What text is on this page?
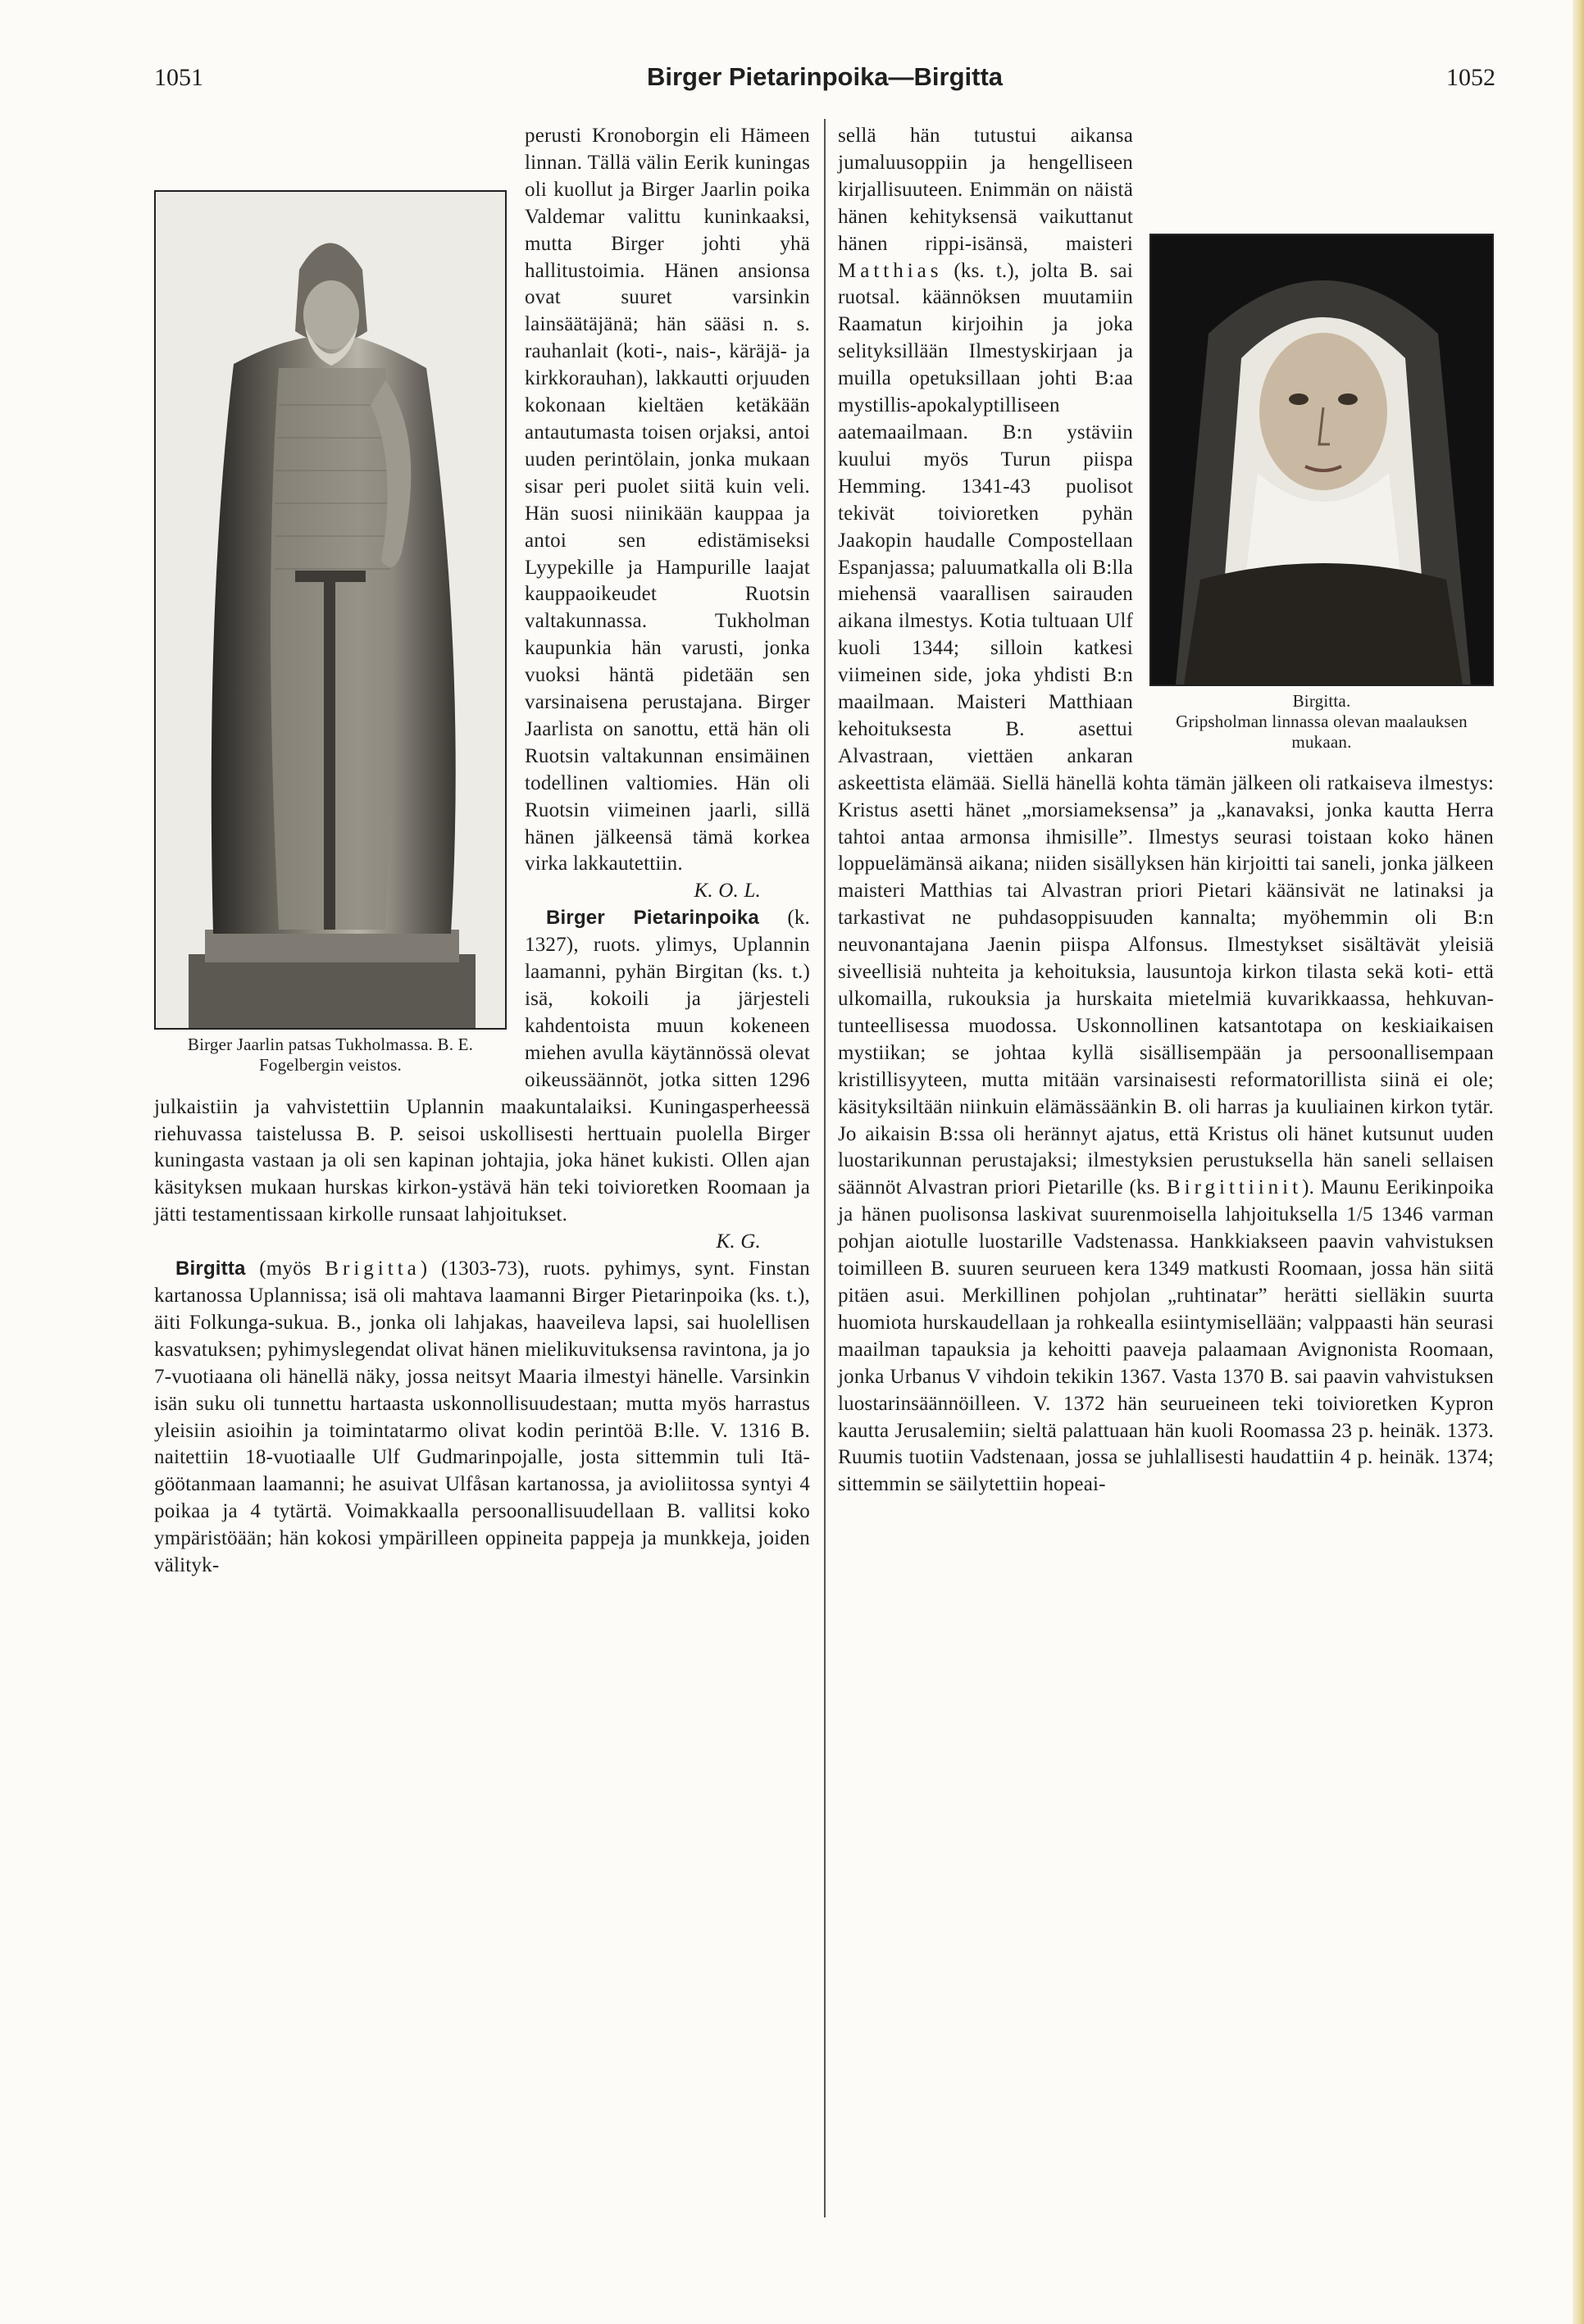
1051	Birger Pietarinpoika—Birgitta	1052

Birger Jaarlin patsas Tukholmassa. B. E. Fogelbergin veistos.

perusti Kronoborgin eli Hämeen linnan. Tällä välin Eerik kuningas oli kuollut ja Birger Jaarlin poika Valdemar valittu kuninkaaksi, mutta Birger johti yhä hallitustoimia. Hänen ansionsa ovat suuret varsinkin lainsäätäjänä; hän sääsi n. s. rauhanlait (koti-, nais-, käräjä- ja kirkkorauhan), lakkautti orjuuden kokonaan kieltäen ketäkään antautumasta toisen orjaksi, antoi uuden perintölain, jonka mukaan sisar peri puolet siitä kuin veli. Hän suosi niinikään kauppaa ja antoi sen edistämiseksi Lyypekille ja Hampurille laajat kauppaoikeudet Ruotsin valtakunnassa. Tukholman kaupunkia hän varusti, jonka vuoksi häntä pidetään sen varsinaisena perustajana. Birger Jaarlista on sanottu, että hän oli Ruotsin valtakunnan ensimäinen todellinen valtiomies. Hän oli Ruotsin viimeinen jaarli, sillä hänen jälkeensä tämä korkea virka lakkautettiin.
K. O. L.

Birger Pietarinpoika (k. 1327), ruots. ylimys, Uplannin laamanni, pyhän Birgitan (ks. t.) isä, kokoili ja järjesteli kahdentoista muun kokeneen miehen avulla käytännössä olevat oikeussäännöt, jotka sitten 1296 julkaistiin ja vahvistettiin Uplannin maakuntalaiksi. Kuningasperheessä riehuvassa taistelussa B. P. seisoi uskollisesti herttuain puolella Birger kuningasta vastaan ja oli sen kapinan johtajia, joka hänet kukisti. Ollen ajan käsityksen mukaan hurskas kirkon-ystävä hän teki toivioretken Roomaan ja jätti testamentissaan kirkolle runsaat lahjoitukset.
K. G.

Birgitta (myös Brigitta) (1303-73), ruots. pyhimys, synt. Finstan kartanossa Uplannissa; isä oli mahtava laamanni Birger Pietarinpoika (ks. t.), äiti Folkunga-sukua. B., jonka oli lahjakas, haaveileva lapsi, sai huolellisen kasvatuksen; pyhimyslegendat olivat hänen mielikuvituksensa ravintona, ja jo 7-vuotiaana oli hänellä näky, jossa neitsyt Maaria ilmestyi hänelle. Varsinkin isän suku oli tunnettu hartaasta uskonnollisuudestaan; mutta myös harrastus yleisiin asioihin ja toimintatarmo olivat kodin perintöä B:lle. V. 1316 B. naitettiin 18-vuotiaalle Ulf Gudmarinpojalle, josta sittemmin tuli Itä-göötanmaan laamanni; he asuivat Ulfåsan kartanossa, ja avioliitossa syntyi 4 poikaa ja 4 tytärtä. Voimakkaalla persoonallisuudellaan B. vallitsi koko ympäristöään; hän kokosi ympärilleen oppineita pappeja ja munkkeja, joiden välityk-

Birgitta.
Gripsholman linnassa olevan maalauksen mukaan.

sellä hän tutustui aikansa jumaluusoppiin ja hengelliseen kirjallisuuteen. Enimmän on näistä hänen kehityksensä vaikuttanut hänen rippi-isänsä, maisteri Matthias (ks. t.), jolta B. sai ruotsal. käännöksen muutamiin Raamatun kirjoihin ja joka selityksillään Ilmestyskirjaan ja muilla opetuksillaan johti B:aa mystillis-apokalyptilliseen aatemaailmaan. B:n ystäviin kuului myös Turun piispa Hemming. 1341-43 puolisot tekivät toivioretken pyhän Jaakopin haudalle Compostellaan Espanjassa; paluumatkalla oli B:lla miehensä vaarallisen sairauden aikana ilmestys. Kotia tultuaan Ulf kuoli 1344; silloin katkesi viimeinen side, joka yhdisti B:n maailmaan. Maisteri Matthiaan kehoituksesta B. asettui Alvastraan, viettäen ankaran askeettista elämää. Siellä hänellä kohta tämän jälkeen oli ratkaiseva ilmestys: Kristus asetti hänet „morsiameksensa” ja „kanavaksi, jonka kautta Herra tahtoi antaa armonsa ihmisille”. Ilmestys seurasi toistaan koko hänen loppuelämänsä aikana; niiden sisällyksen hän kirjoitti tai saneli, jonka jälkeen maisteri Matthias tai Alvastran priori Pietari käänsivät ne latinaksi ja tarkastivat ne puhdasoppisuuden kannalta; myöhemmin oli B:n neuvonantajana Jaenin piispa Alfonsus. Ilmestykset sisältävät yleisiä siveellisiä nuhteita ja kehoituksia, lausuntoja kirkon tilasta sekä koti- että ulkomailla, rukouksia ja hurskaita mietelmiä kuvarikkaassa, hehkuvan-tunteellisessa muodossa. Uskonnollinen katsantotapa on keskiaikaisen mystiikan; se johtaa kyllä sisällisempään ja persoonallisempaan kristillisyyteen, mutta mitään varsinaisesti reformatorillista siinä ei ole; käsityksiltään niinkuin elämässäänkin B. oli harras ja kuuliainen kirkon tytär. Jo aikaisin B:ssa oli herännyt ajatus, että Kristus oli hänet kutsunut uuden luostarikunnan perustajaksi; ilmestyksien perustuksella hän saneli sellaisen säännöt Alvastran priori Pietarille (ks. Birgittiinit). Maunu Eerikinpoika ja hänen puolisonsa laskivat suurenmoisella lahjoituksella 1/5 1346 varman pohjan aiotulle luostarille Vadstenassa. Hankkiakseen paavin vahvistuksen toimilleen B. suuren seurueen kera 1349 matkusti Roomaan, jossa hän siitä pitäen asui. Merkillinen pohjolan „ruhtinatar” herätti sielläkin suurta huomiota hurskaudellaan ja rohkealla esiintymisellään; valppaasti hän seurasi maailman tapauksia ja kehoitti paaveja palaamaan Avignonista Roomaan, jonka Urbanus V vihdoin tekikin 1367. Vasta 1370 B. sai paavin vahvistuksen luostarinsäännöilleen. V. 1372 hän seurueineen teki toivioretken Kypron kautta Jerusalemiin; sieltä palattuaan hän kuoli Roomassa 23 p. heinäk. 1373. Ruumis tuotiin Vadstenaan, jossa se juhlallisesti haudattiin 4 p. heinäk. 1374; sittemmin se säilytettiin hopeai-
